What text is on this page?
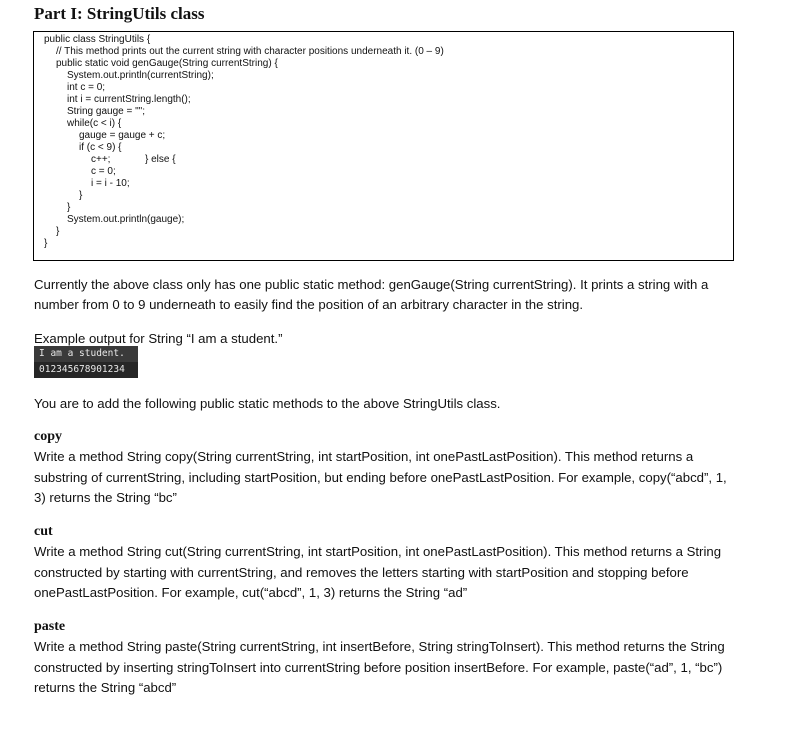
Part I: StringUtils class
public class StringUtils {
// This method prints out the current string with character positions underneath it. (0 – 9)
public static void genGauge(String currentString) {
System.out.println(currentString);
int c = 0;
int i = currentString.length();
String gauge = "";
while(c < i) {
gauge = gauge + c;
if (c < 9) {
c++;	} else {
c = 0;
i = i - 10;
}
}
System.out.println(gauge);
}
}
Currently the above class only has one public static method: genGauge(String currentString). It prints a string with a
number from 0 to 9 underneath to easily find the position of an arbitrary character in the string.
Example output for String “I am a student.”
I am a student.
012345678901234
You are to add the following public static methods to the above StringUtils class.
copy
Write a method String copy(String currentString, int startPosition, int onePastLastPosition). This method returns a
substring of currentString, including startPosition, but ending before onePastLastPosition. For example, copy(“abcd”, 1,
3) returns the String “bc”
cut
Write a method String cut(String currentString, int startPosition, int onePastLastPosition). This method returns a String
constructed by starting with currentString, and removes the letters starting with startPosition and stopping before
onePastLastPosition. For example, cut(“abcd”, 1, 3) returns the String “ad”
paste
Write a method String paste(String currentString, int insertBefore, String stringToInsert). This method returns the String
constructed by inserting stringToInsert into currentString before position insertBefore. For example, paste(“ad”, 1, “bc”)
returns the String “abcd”
